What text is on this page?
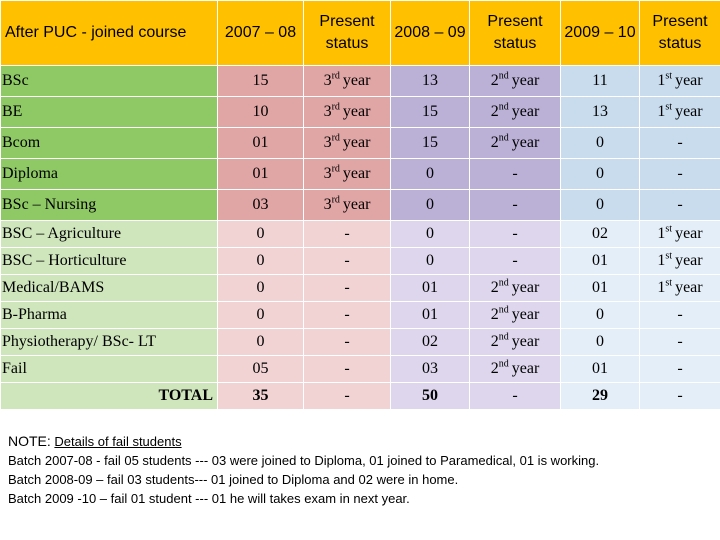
After PUC - joined course	2007 – 08	Present status	2008 – 09	Present status	2009 – 10	Present status
BSc	15	3rd year	13	2nd year	11	1st year
BE	10	3rd year	15	2nd year	13	1st year
Bcom	01	3rd year	15	2nd year	0	-
Diploma	01	3rd year	0	-	0	-
BSc – Nursing	03	3rd year	0	-	0	-
BSC – Agriculture	0	-	0	-	02	1st year
BSC – Horticulture	0	-	0	-	01	1st year
Medical/BAMS	0	-	01	2nd year	01	1st year
B-Pharma	0	-	01	2nd year	0	-
Physiotherapy/ BSc- LT	0	-	02	2nd year	0	-
Fail	05	-	03	2nd year	01	-
TOTAL	35	-	50	-	29	-
NOTE: Details of fail students
Batch 2007-08 - fail 05 students --- 03 were joined to Diploma, 01 joined to Paramedical, 01 is working.
Batch 2008-09 – fail 03 students--- 01 joined to Diploma and 02 were in home.
Batch 2009 -10 – fail 01 student --- 01 he will takes exam in next year.
